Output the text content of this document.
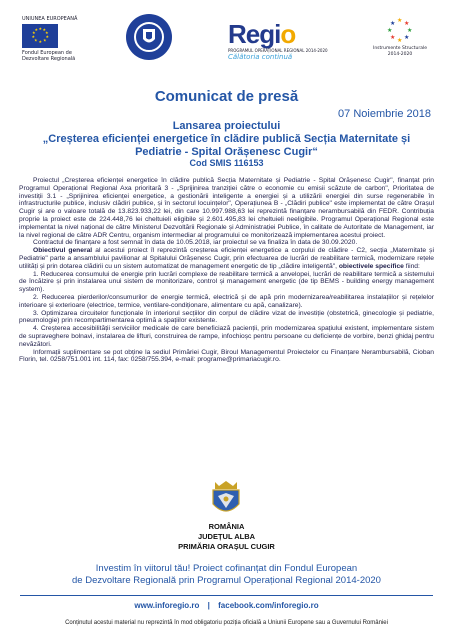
UNIUNEA EUROPEANĂ
★ ★
★
★
★
★
★
★
★
★
Fondul European de Dezvoltare Regională
Regio
PROGRAMUL OPERAȚIONAL REGIONAL 2014-2020
Călătoria continuă
★ ★
★
★
★
★
★
★
Instrumente Structurale 2014-2020
Comunicat de presă
07 Noiembrie 2018
Lansarea proiectului
„Creșterea eficienței energetice în clădire publică Secția Maternitate și Pediatrie - Spital Orășenesc Cugir“
Cod SMIS 116153

Proiectul „Creșterea eficienței energetice în clădire publică Secția Maternitate și Pediatrie - Spital Orășenesc Cugir", finanțat prin Programul Operațional Regional Axa prioritară 3 - „Sprijinirea tranziției către o economie cu emisii scăzute de carbon", Prioritatea de investiții 3.1 - „Sprijinirea eficienței energetice, a gestionării inteligente a energiei și a utilizării energiei din surse regenerabile în infrastructurile publice, inclusiv clădiri publice, și în sectorul locuințelor", Operațiunea B - „Clădiri publice" este implementat de către Orașul Cugir și are o valoare totală de 13.823.933,22 lei, din care 10.997.988,63 lei reprezintă finanțare nerambursabilă din FEDR. Contribuția proprie la proiect este de 224.448,76 lei cheltuieli eligibile și 2.601.495,83 lei cheltuieli neeligibile. Programul Operațional Regional este implementat la nivel național de către Ministerul Dezvoltării Regionale și Administrației Publice, în calitate de Autoritate de Management, iar la nivel regional de către ADR Centru, organism intermediar al programului ce monitorizează implementarea acestui proiect.

Contractul de finanțare a fost semnat în data de 10.05.2018, iar proiectul se va finaliza în data de 30.09.2020.

Obiectivul general al acestui proiect îl reprezintă creșterea eficienței energetice a corpului de clădire - C2, secția „Maternitate și Pediatrie" parte a ansamblului pavilionar al Spitalului Orășenesc Cugir, prin efectuarea de lucrări de reabilitare termică, modernizare rețele utilități și prin dotarea clădirii cu un sistem automatizat de management energetic de tip „clădire inteligentă", obiectivele specifice fiind:

1. Reducerea consumului de energie prin lucrări complexe de reabilitare termică a anvelopei, lucrări de reabilitare termică a sistemului de încălzire și prin instalarea unui sistem de monitorizare, control și management energetic (de tip BEMS - building energy management system).

2. Reducerea pierderilor/consumurilor de energie termică, electrică și de apă prin modernizarea/reabilitarea instalațiilor și rețelelor interioare și exterioare (electrice, termice, ventilare-condiționare, alimentare cu apă, canalizare).

3. Optimizarea circuitelor funcționale în interiorul secțiilor din corpul de clădire vizat de investiție (obstetrică, ginecologie și pediatrie, pneumologie) prin recompartimentarea optimă a spațiilor existente.

4. Creșterea accesibilității serviciilor medicale de care beneficiază pacienții, prin modernizarea spațiului existent, implementare sistem de supraveghere bolnavi, instalarea de lifturi, construirea de rampe, infochioșc pentru persoane cu deficiențe de vorbire, benzi ghidaj pentru nevăzători.

Informații suplimentare se pot obține la sediul Primăriei Cugir, Biroul Managementul Proiectelor cu Finanțare Nerambursabilă, Cioban Florin, tel. 0258/751.001 int. 114, fax: 0258/755.394, e-mail: programe@primariacugir.ro.

ROMÂNIA
JUDEȚUL ALBA
PRIMĂRIA ORAȘUL CUGIR
Investim în viitorul tău! Proiect cofinanțat din Fondul European
de Dezvoltare Regională prin Programul Operațional Regional 2014-2020
www.inforegio.ro | facebook.com/inforegio.ro
Conținutul acestui material nu reprezintă în mod obligatoriu poziția oficială a Uniunii Europene sau a Guvernului României
